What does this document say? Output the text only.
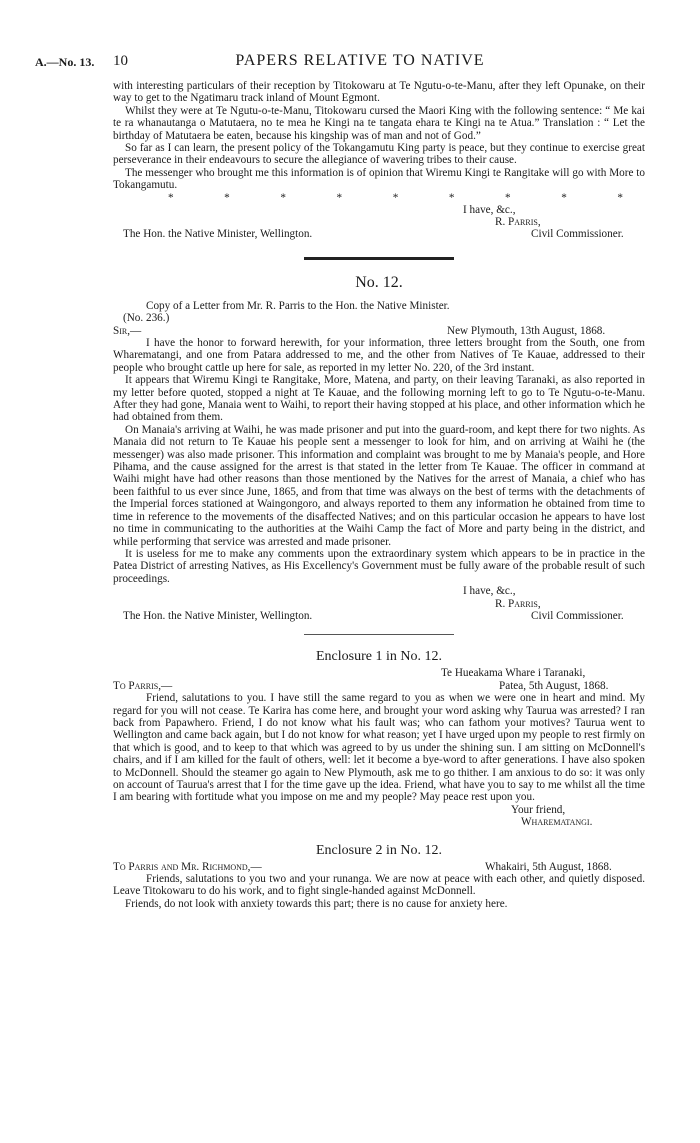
A.—No. 13. 10	PAPERS RELATIVE TO NATIVE

with interesting particulars of their reception by Titokowaru at Te Ngutu-o-te-Manu, after they left Opunake, on their way to get to the Ngatimaru track inland of Mount Egmont.

Whilst they were at Te Ngutu-o-te-Manu, Titokowaru cursed the Maori King with the following sentence: “ Me kai te ra whanautanga o Matutaera, no te mea he Kingi na te tangata ehara te Kingi na te Atua.” Translation : “ Let the birthday of Matutaera be eaten, because his kingship was of man and not of God.”

So far as I can learn, the present policy of the Tokangamutu King party is peace, but they continue to exercise great perseverance in their endeavours to secure the allegiance of wavering tribes to their cause.

The messenger who brought me this information is of opinion that Wiremu Kingi te Rangitake will go with More to Tokangamutu.

*	*	*	*	*	*	*	*	*
I have, &c.,
R. Parris,
The Hon. the Native Minister, Wellington.	Civil Commissioner.
No. 12.

Copy of a Letter from Mr. R. Parris to the Hon. the Native Minister.

(No. 236.)
Sir,—	New Plymouth, 13th August, 1868.

I have the honor to forward herewith, for your information, three letters brought from the South, one from Wharematangi, and one from Patara addressed to me, and the other from Natives of Te Kauae, addressed to their people who brought cattle up here for sale, as reported in my letter No. 220, of the 3rd instant.

It appears that Wiremu Kingi te Rangitake, More, Matena, and party, on their leaving Taranaki, as also reported in my letter before quoted, stopped a night at Te Kauae, and the following morning left to go to Te Ngutu-o-te-Manu. After they had gone, Manaia went to Waihi, to report their having stopped at his place, and other information which he had obtained from them.

On Manaia's arriving at Waihi, he was made prisoner and put into the guard-room, and kept there for two nights. As Manaia did not return to Te Kauae his people sent a messenger to look for him, and on arriving at Waihi he (the messenger) was also made prisoner. This information and complaint was brought to me by Manaia's people, and Hore Pihama, and the cause assigned for the arrest is that stated in the letter from Te Kauae. The officer in command at Waihi might have had other reasons than those mentioned by the Natives for the arrest of Manaia, a chief who has been faithful to us ever since June, 1865, and from that time was always on the best of terms with the detachments of the Imperial forces stationed at Waingongoro, and always reported to them any information he obtained from time to time in reference to the movements of the disaffected Natives; and on this particular occasion he appears to have lost no time in communicating to the authorities at the Waihi Camp the fact of More and party being in the district, and while performing that service was arrested and made prisoner.

It is useless for me to make any comments upon the extraordinary system which appears to be in practice in the Patea District of arresting Natives, as His Excellency's Government must be fully aware of the probable result of such proceedings.

I have, &c.,
R. Parris,
The Hon. the Native Minister, Wellington.	Civil Commissioner.
Enclosure 1 in No. 12.
Te Hueakama Whare i Taranaki,
To Parris,—	Patea, 5th August, 1868.

Friend, salutations to you. I have still the same regard to you as when we were one in heart and mind. My regard for you will not cease. Te Karira has come here, and brought your word asking why Taurua was arrested? I ran back from Papawhero. Friend, I do not know what his fault was; who can fathom your motives? Taurua went to Wellington and came back again, but I do not know for what reason; yet I have urged upon my people to rest firmly on that which is good, and to keep to that which was agreed to by us under the shining sun. I am sitting on McDonnell's chairs, and if I am killed for the fault of others, well: let it become a bye-word to after generations. I have also spoken to McDonnell. Should the steamer go again to New Plymouth, ask me to go thither. I am anxious to do so: it was only on account of Taurua's arrest that I for the time gave up the idea. Friend, what have you to say to me whilst all the time I am bearing with fortitude what you impose on me and my people? May peace rest upon you.

Your friend,
Wharematangi.
Enclosure 2 in No. 12.
To Parris and Mr. Richmond,—	Whakairi, 5th August, 1868.

Friends, salutations to you two and your runanga. We are now at peace with each other, and quietly disposed. Leave Titokowaru to do his work, and to fight single-handed against McDonnell.

Friends, do not look with anxiety towards this part; there is no cause for anxiety here.
